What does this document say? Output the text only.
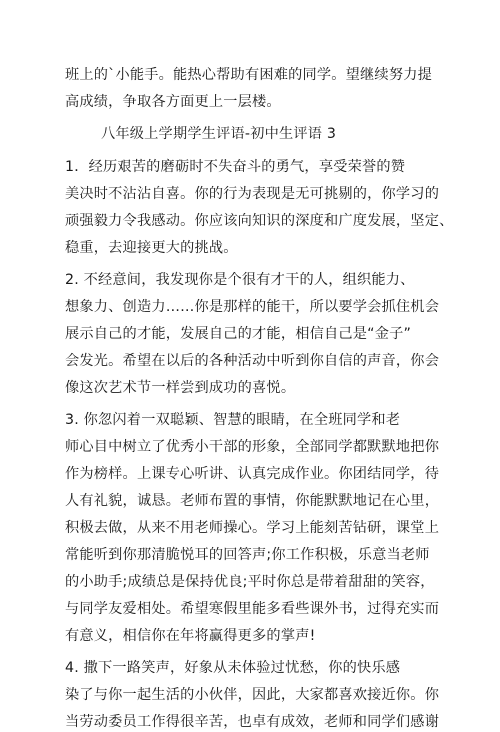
班上的`小能手。能热心帮助有困难的同学。望继续努力提
高成绩，争取各方面更上一层楼。
八年级上学期学生评语-初中生评语 3
1．经历艰苦的磨砺时不失奋斗的勇气，享受荣誉的赞
美决时不沾沾自喜。你的行为表现是无可挑剔的，你学习的
顽强毅力令我感动。你应该向知识的深度和广度发展，坚定、
稳重，去迎接更大的挑战。
2. 不经意间，我发现你是个很有才干的人，组织能力、
想象力、创造力……你是那样的能干，所以要学会抓住机会
展示自己的才能，发展自己的才能，相信自己是“金子”
会发光。希望在以后的各种活动中听到你自信的声音，你会
像这次艺术节一样尝到成功的喜悦。
3. 你忽闪着一双聪颖、智慧的眼睛，在全班同学和老
师心目中树立了优秀小干部的形象，全部同学都默默地把你
作为榜样。上课专心听讲、认真完成作业。你团结同学，待
人有礼貌，诚恳。老师布置的事情，你能默默地记在心里，
积极去做，从来不用老师操心。学习上能刻苦钻研，课堂上
常能听到你那清脆悦耳的回答声;你工作积极，乐意当老师
的小助手;成绩总是保持优良;平时你总是带着甜甜的笑容，
与同学友爱相处。希望寒假里能多看些课外书，过得充实而
有意义，相信你在年将赢得更多的掌声!
4. 撒下一路笑声，好象从未体验过忧愁，你的快乐感
染了与你一起生活的小伙伴，因此，大家都喜欢接近你。你
当劳动委员工作得很辛苦，也卓有成效，老师和同学们感谢
